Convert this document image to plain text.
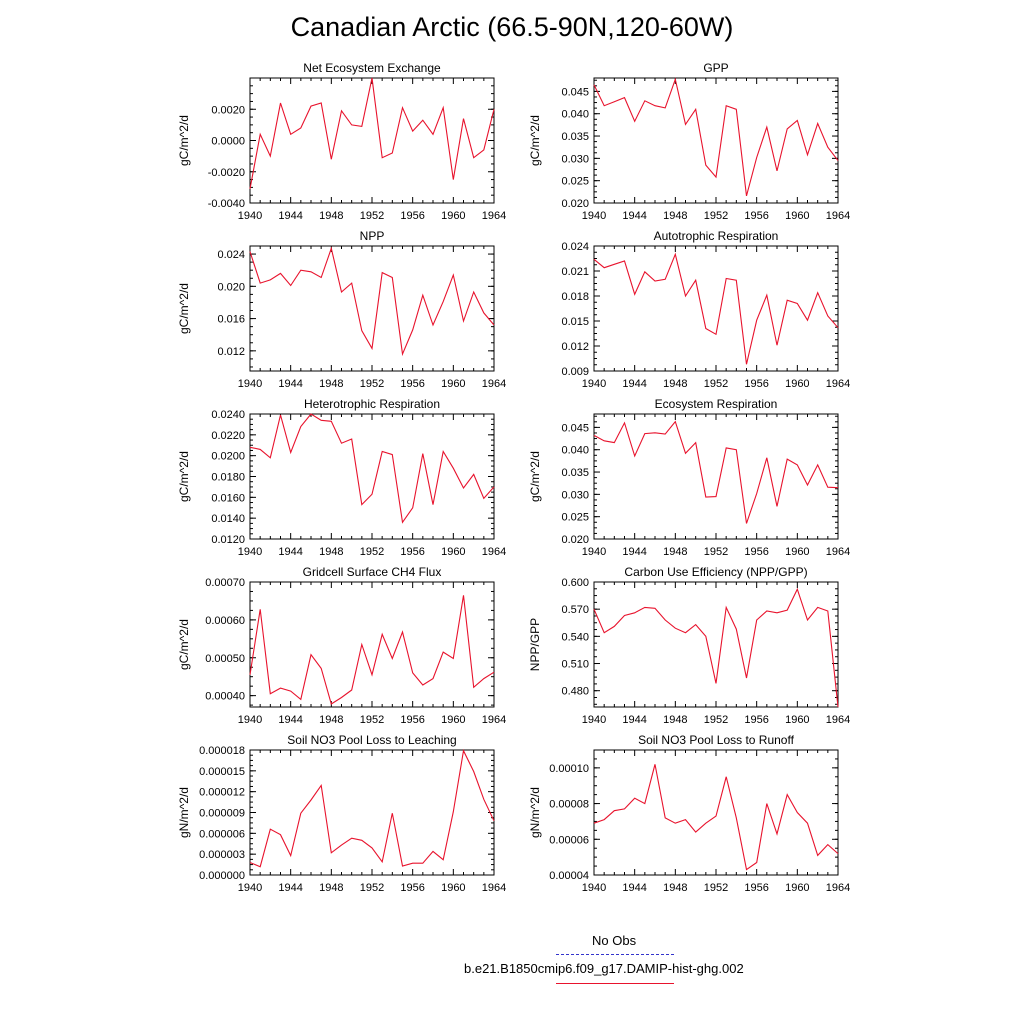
Canadian Arctic (66.5-90N,120-60W)
1940 1944 1948 1952 1956 1960 1964
-0.0040
-0.0020
0.0000
0.0020
Net Ecosystem Exchange
gC/m^2/d
1940 1944 1948 1952 1956 1960 1964
0.020
0.025
0.030
0.035
0.040
0.045
GPP
gC/m^2/d
1940 1944 1948 1952 1956 1960 1964
0.012
0.016
0.020
0.024
NPP
gC/m^2/d
1940 1944 1948 1952 1956 1960 1964
0.009
0.012
0.015
0.018
0.021
0.024
Autotrophic Respiration
1940 1944 1948 1952 1956 1960 1964
0.0120
0.0140
0.0160
0.0180
0.0200
0.0220
0.0240
Heterotrophic Respiration
gC/m^2/d
1940 1944 1948 1952 1956 1960 1964
0.020
0.025
0.030
0.035
0.040
0.045
Ecosystem Respiration
gC/m^2/d
1940 1944 1948 1952 1956 1960 1964
0.00040
0.00050
0.00060
0.00070
Gridcell Surface CH4 Flux
gC/m^2/d
1940 1944 1948 1952 1956 1960 1964
0.480
0.510
0.540
0.570
0.600
Carbon Use Efficiency (NPP/GPP)
NPP/GPP
1940 1944 1948 1952 1956 1960 1964
0.000000
0.000003
0.000006
0.000009
0.000012
0.000015
0.000018
Soil NO3 Pool Loss to Leaching
gN/m^2/d
1940 1944 1948 1952 1956 1960 1964
0.00004
0.00006
0.00008
0.00010
Soil NO3 Pool Loss to Runoff
gN/m^2/d
No Obs
b.e21.B1850cmip6.f09_g17.DAMIP-hist-ghg.002
